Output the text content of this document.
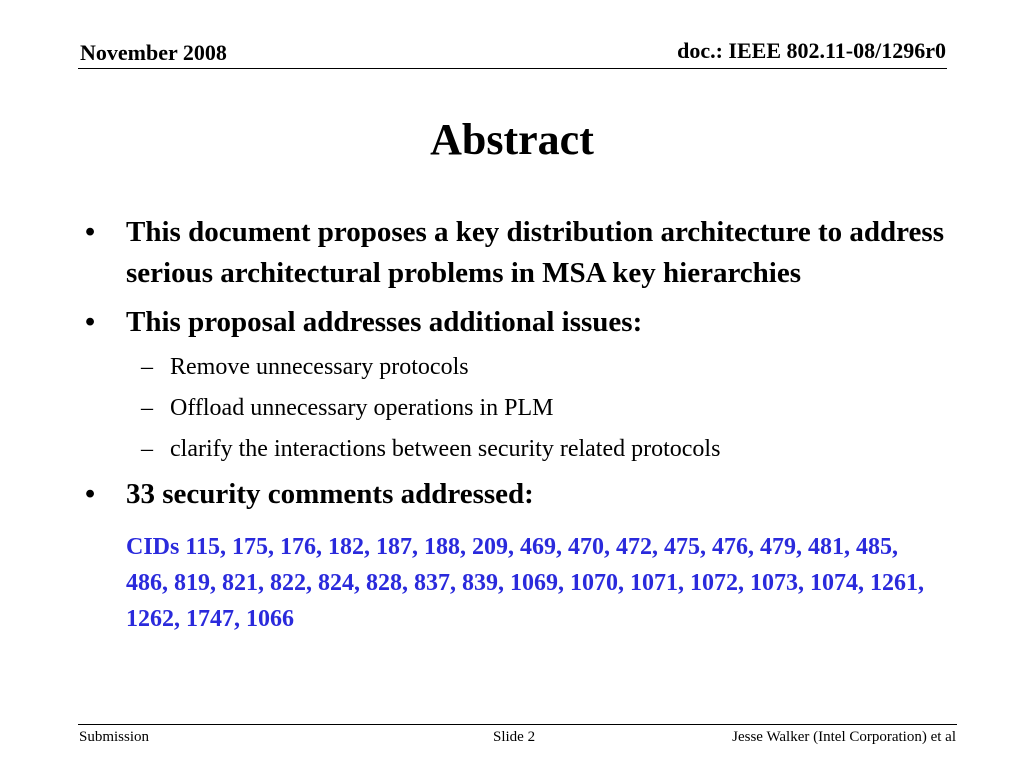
November 2008	doc.: IEEE 802.11-08/1296r0
Abstract
•	This document proposes a key distribution architecture to address serious architectural problems in MSA key hierarchies
•	This proposal addresses additional issues:
– Remove unnecessary protocols
– Offload unnecessary operations in PLM
– clarify the interactions between security related protocols
•	33 security comments addressed:
CIDs 115, 175, 176, 182, 187, 188, 209, 469, 470, 472, 475, 476, 479, 481, 485, 486, 819, 821, 822, 824, 828, 837, 839, 1069, 1070, 1071, 1072, 1073, 1074, 1261, 1262, 1747, 1066
Submission	Slide 2	Jesse Walker (Intel Corporation) et al
